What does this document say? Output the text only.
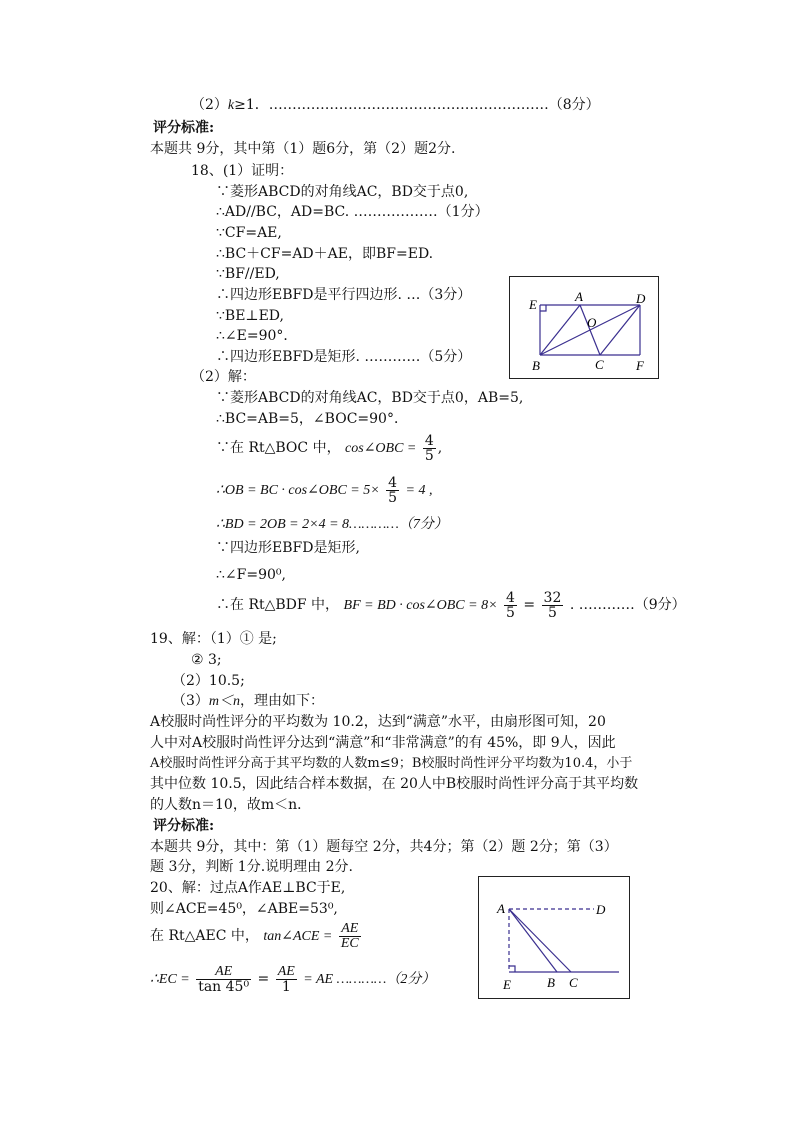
（2）k≥1．……………………………………………………（8分）
评分标准:
本题共 9分，其中第（1）题6分，第（2）题2分.
18、(1）证明：
∵菱形ABCD的对角线AC，BD交于点0,
∴AD//BC，AD=BC. ………………（1分）
∵CF=AE,
∴BC＋CF=AD＋AE，即BF=ED.
∵BF//ED,
∴四边形EBFD是平行四边形. …（3分）
∵BE⊥ED,
∴∠E=90°．
∴四边形EBFD是矩形. …………（5分）
E
A	D
O
B	C F
（2）解：
∵菱形ABCD的对角线AC，BD交于点0，AB=5,
∴BC=AB=5，∠BOC=90°．
∵在 Rt△BOC 中， cos∠OBC = $\frac{4}{5}$ ,
∴OB = BC · cos∠OBC = $5\times \frac{4}{5} = 4$ ,
∴BD = 2OB = 2×4 = 8…………（7分）
∵四边形EBFD是矩形,
∴∠F=90⁰,
∴在 Rt△BDF 中， BF = BD · cos∠OBC = $8\times \frac{4}{5} = \frac{32}{5}$ . …………（9分）
19、解：（1）① 是;
② 3;
（2）10.5;
（3）m＜n，理由如下：
A校服时尚性评分的平均数为 10.2，达到“满意”水平，由扇形图可知，20
人中对A校服时尚性评分达到“满意”和“非常满意”的有 45%，即 9人，因此
A校服时尚性评分高于其平均数的人数m≤9；B校服时尚性评分平均数为10.4，小于
其中位数 10.5，因此结合样本数据，在 20人中B校服时尚性评分高于其平均数
的人数n＝10，故m＜n．
评分标准:
本题共 9分，其中：第（1）题每空 2分，共4分；第（2）题 2分；第（3）
题 3分，判断 1分.说明理由 2分.
20、解：过点A作AE⊥BC于E,
则∠ACE=45⁰，∠ABE=53⁰,
在 Rt△AEC 中， tan∠ACE = $\frac{AE}{EC}$
∴EC = $\frac{AE}{\text{tan 45⁰}} = \frac{AE}{1}$ = AE …………（2分）
A	D
E	B C
